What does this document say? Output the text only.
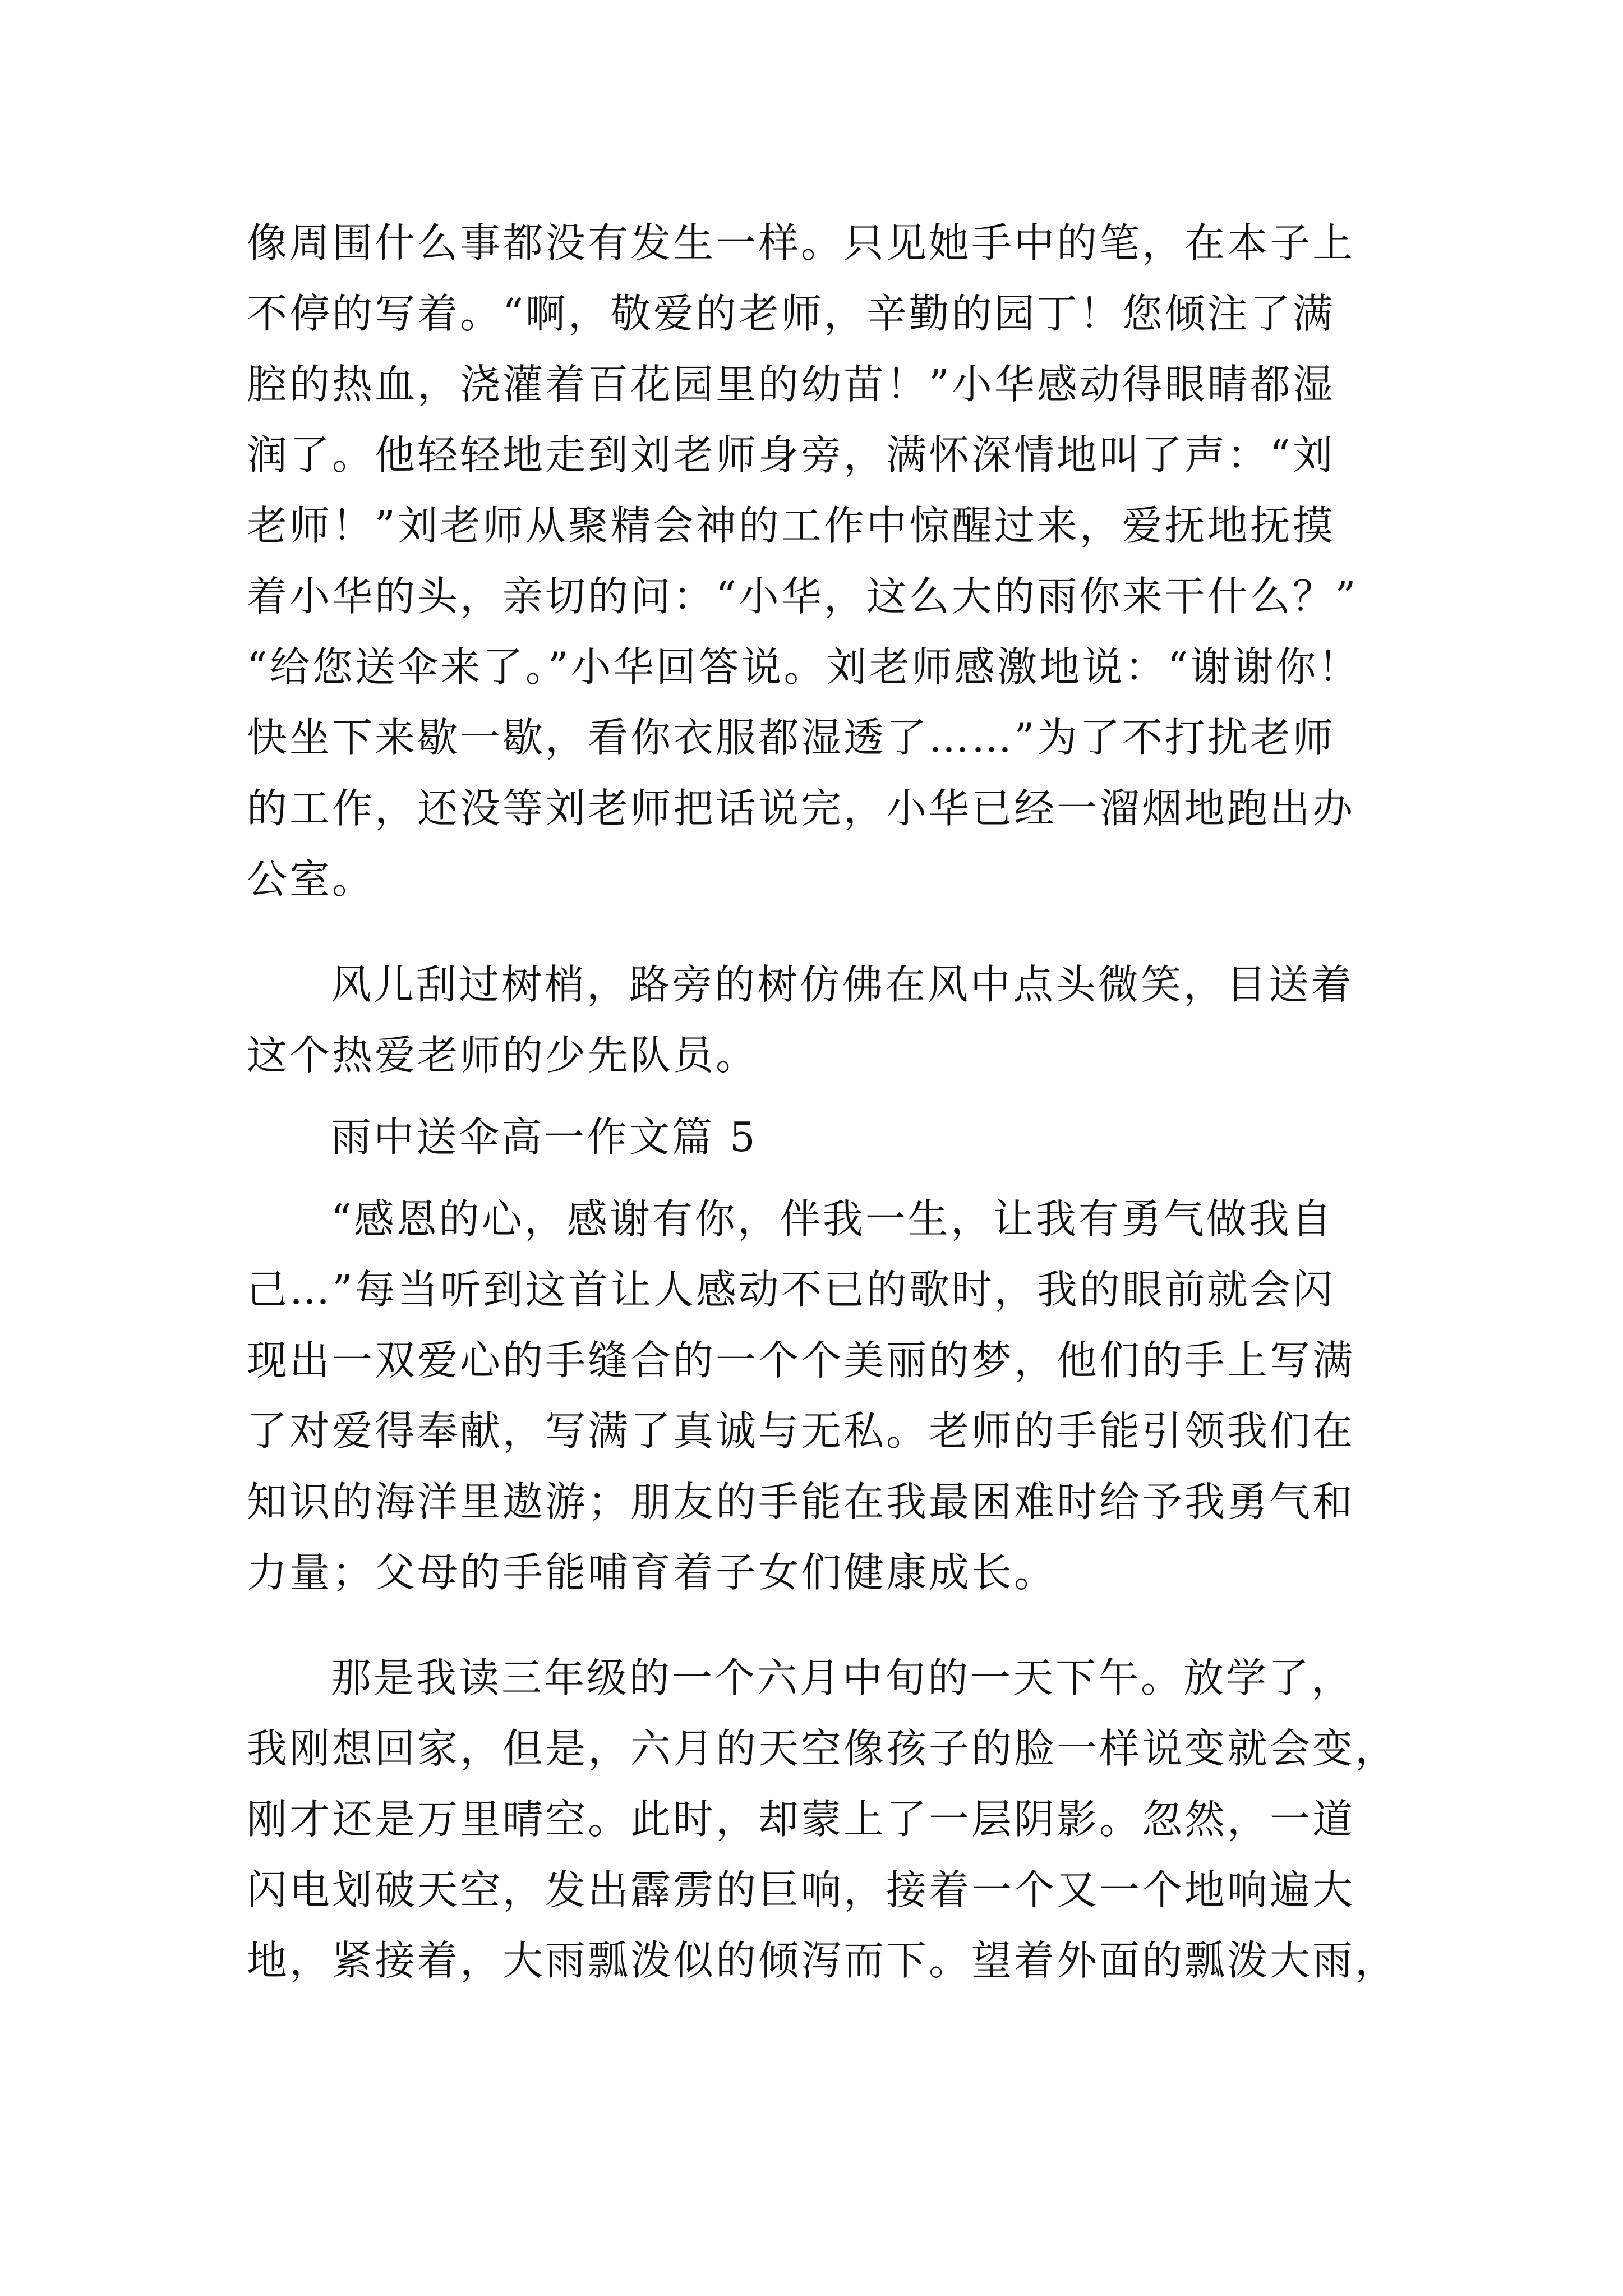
像周围什么事都没有发生一样。只见她手中的笔，在本子上
不停的写着。“啊，敬爱的老师，辛勤的园丁！您倾注了满
腔的热血，浇灌着百花园里的幼苗！”小华感动得眼睛都湿
润了。他轻轻地走到刘老师身旁，满怀深情地叫了声：“刘
老师！”刘老师从聚精会神的工作中惊醒过来，爱抚地抚摸
着小华的头，亲切的问：“小华，这么大的雨你来干什么？”
“给您送伞来了。”小华回答说。刘老师感激地说：“谢谢你！
快坐下来歇一歇，看你衣服都湿透了……”为了不打扰老师
的工作，还没等刘老师把话说完，小华已经一溜烟地跑出办
公室。
风儿刮过树梢，路旁的树仿佛在风中点头微笑，目送着
这个热爱老师的少先队员。
雨中送伞高一作文篇 5
“感恩的心，感谢有你，伴我一生，让我有勇气做我自
己…”每当听到这首让人感动不已的歌时，我的眼前就会闪
现出一双爱心的手缝合的一个个美丽的梦，他们的手上写满
了对爱得奉献，写满了真诚与无私。老师的手能引领我们在
知识的海洋里遨游；朋友的手能在我最困难时给予我勇气和
力量；父母的手能哺育着子女们健康成长。
那是我读三年级的一个六月中旬的一天下午。放学了，
我刚想回家，但是，六月的天空像孩子的脸一样说变就会变，
刚才还是万里晴空。此时，却蒙上了一层阴影。忽然，一道
闪电划破天空，发出霹雳的巨响，接着一个又一个地响遍大
地，紧接着，大雨瓢泼似的倾泻而下。望着外面的瓢泼大雨，
